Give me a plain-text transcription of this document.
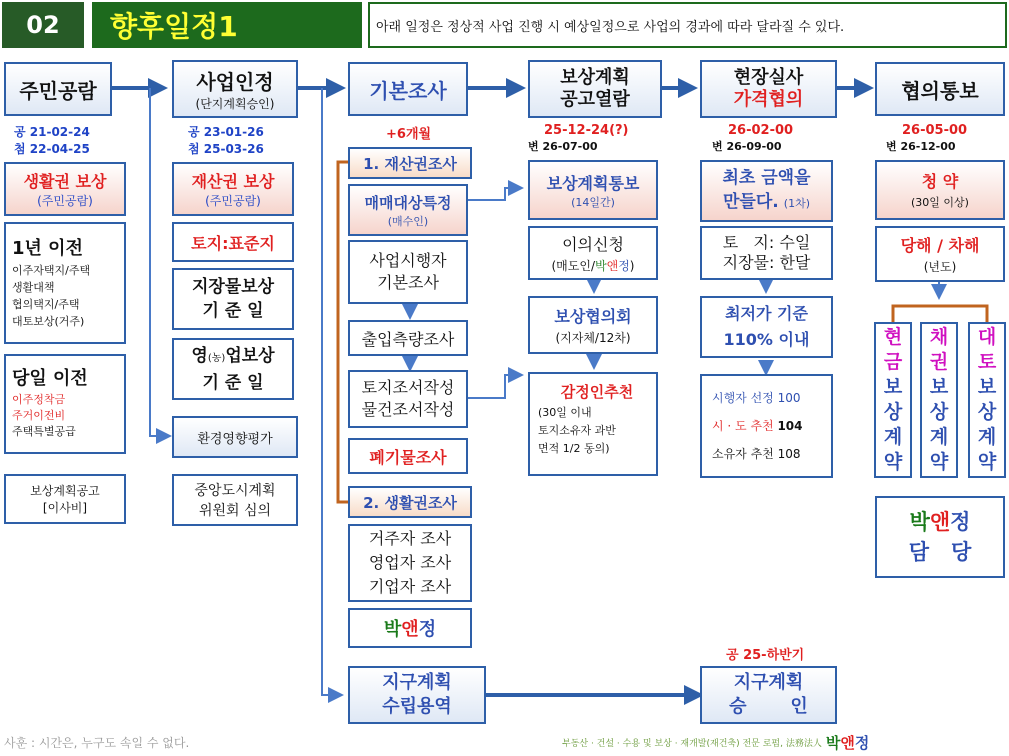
02	향후일정1	아래 일정은 정상적 사업 진행 시 예상일정으로 사업의 경과에 따라 달라질 수 있다.
주민공람
공 21-02-24
첨 22-04-25
사업인정
(단지계획승인)
공 23-01-26
첨 25-03-26
기본조사
+6개월
보상계획
공고열람
25-12-24(?)
변 26-07-00
현장실사
가격협의
26-02-00
변 26-09-00
협의통보
26-05-00
변 26-12-00
생활권 보상
(주민공람)
1년 이전
이주자택지/주택
생활대책
협의택지/주택
대토보상(거주)
당일 이전
이주정착금
주거이전비
주택특별공급
보상계획공고
[이사비]
재산권 보상
(주민공람)
토지:표준지
지장물보상
기 준 일
영(농)업보상
기 준 일
환경영향평가
중앙도시계획
위원회 심의
1. 재산권조사
매매대상특정
(매수인)
사업시행자
기본조사
출입측량조사
토지조서작성
물건조서작성
폐기물조사
2. 생활권조사
거주자 조사
영업자 조사
기업자 조사
박앤정
보상계획통보
(14일간)
이의신청
(매도인/박앤정)
보상협의회
(지자체/12차)
감정인추천
(30일 이내
토지소유자 과반
면적 1/2 동의)
최초 금액을
만들다. (1차)
토   지: 수일
지장물: 한달
최저가 기준
110% 이내
시행자 선정 100
시 · 도 추천 104
소유자 추천 108
청 약
(30일 이상)
당해 / 차해
(년도)
현
금
보
상
계
약
채
권
보
상
계
약
대
토
보
상
계
약
박앤정
담   당
지구계획
수립용역
공 25-하반기
지구계획
승       인
사훈 : 시간은, 누구도 속일 수 없다.	부동산 · 건설 · 수용 및 보상 · 재개발(재건축) 전문 로펌, 法務法人 박 앤 정
